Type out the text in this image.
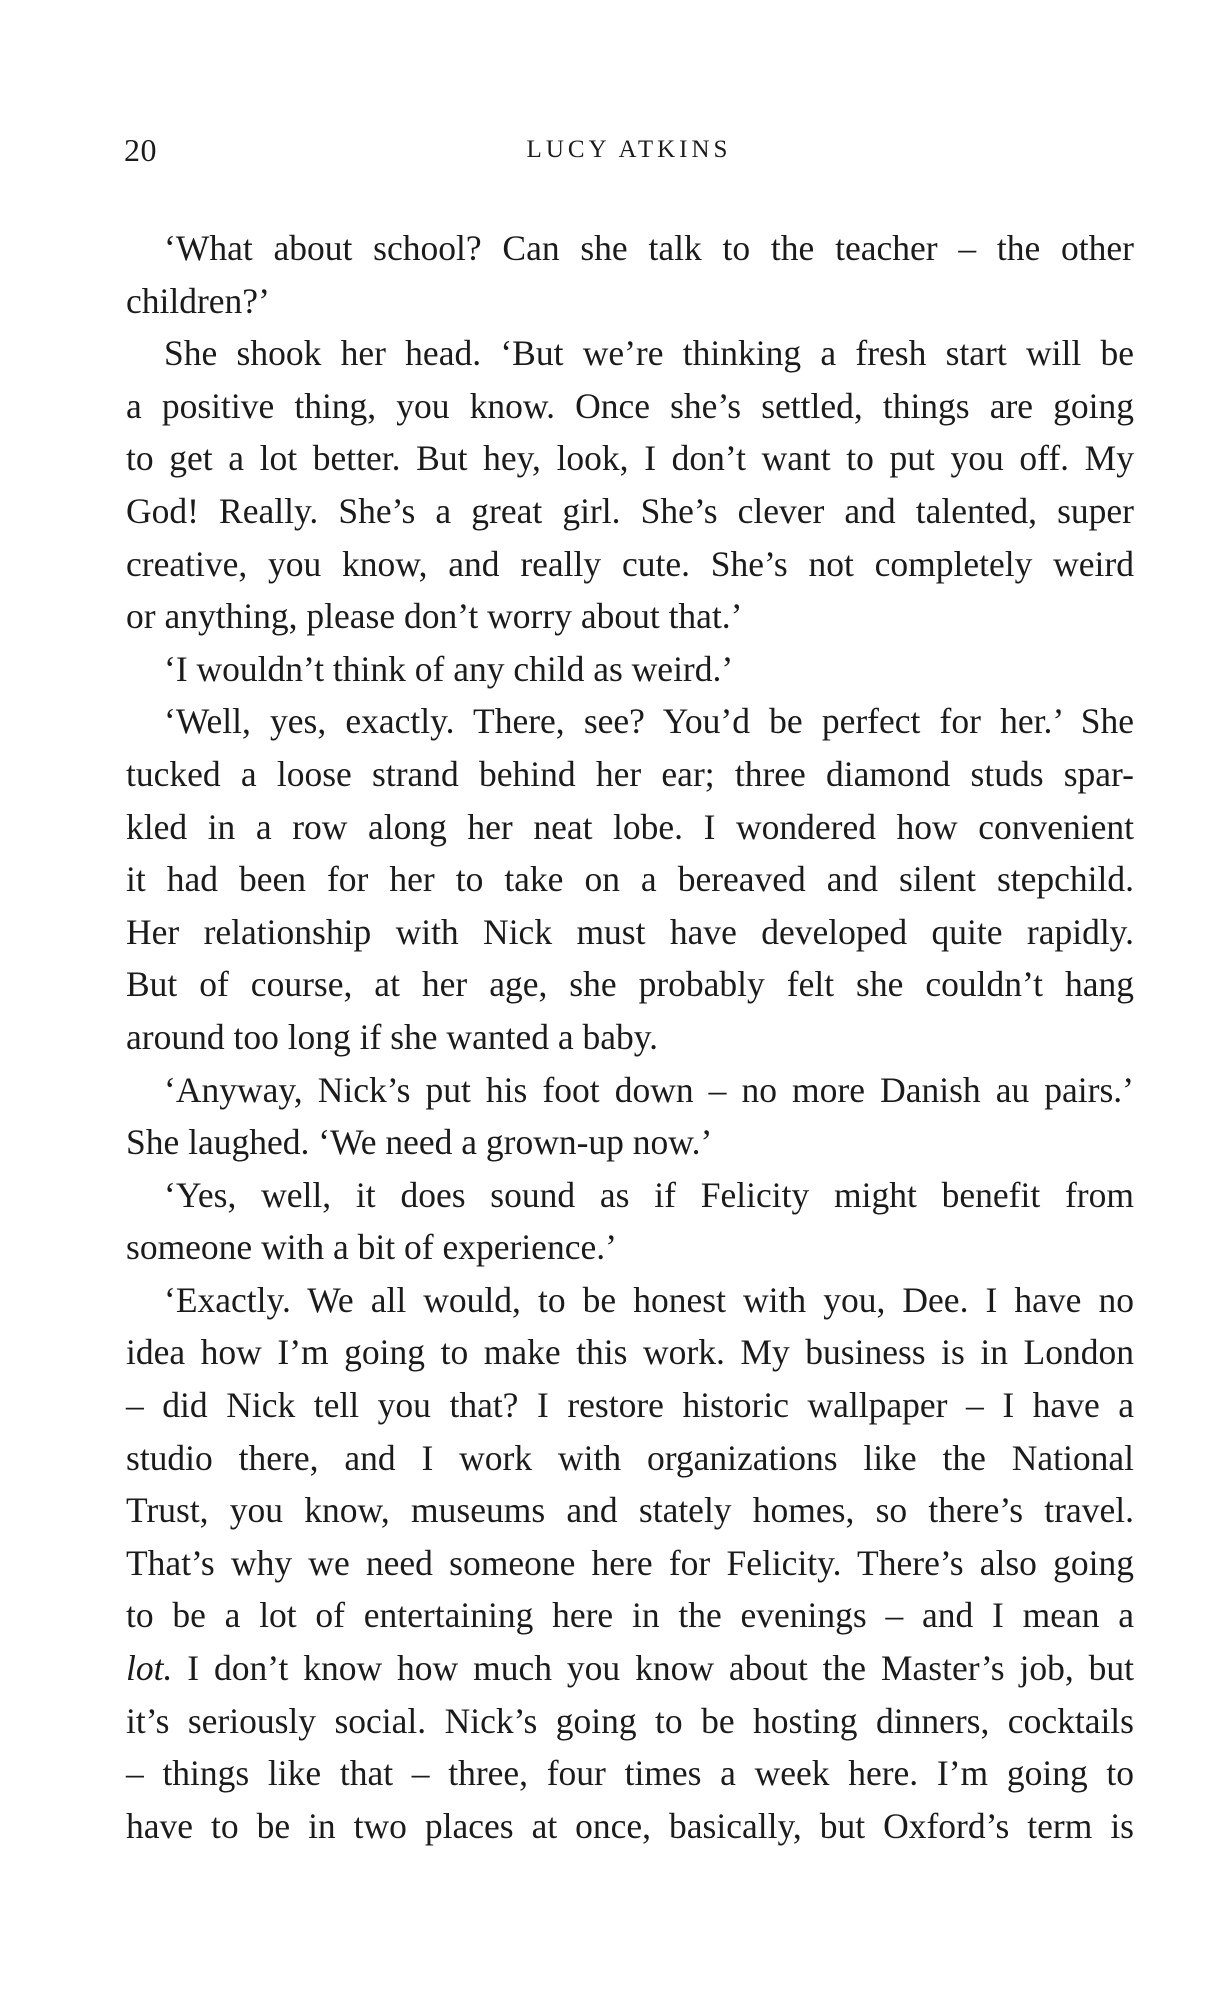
20	LUCY ATKINS
‘What about school? Can she talk to the teacher – the other
children?’
She shook her head. ‘But we’re thinking a fresh start will be
a positive thing, you know. Once she’s settled, things are going
to get a lot better. But hey, look, I don’t want to put you off. My
God! Really. She’s a great girl. She’s clever and talented, super
creative, you know, and really cute. She’s not completely weird
or anything, please don’t worry about that.’
‘I wouldn’t think of any child as weird.’
‘Well, yes, exactly. There, see? You’d be perfect for her.’ She
tucked a loose strand behind her ear; three diamond studs spar-
kled in a row along her neat lobe. I wondered how convenient
it had been for her to take on a bereaved and silent stepchild.
Her relationship with Nick must have developed quite rapidly.
But of course, at her age, she probably felt she couldn’t hang
around too long if she wanted a baby.
‘Anyway, Nick’s put his foot down – no more Danish au pairs.’
She laughed. ‘We need a grown-up now.’
‘Yes, well, it does sound as if Felicity might benefit from
someone with a bit of experience.’
‘Exactly. We all would, to be honest with you, Dee. I have no
idea how I’m going to make this work. My business is in London
– did Nick tell you that? I restore historic wallpaper – I have a
studio there, and I work with organizations like the National
Trust, you know, museums and stately homes, so there’s travel.
That’s why we need someone here for Felicity. There’s also going
to be a lot of entertaining here in the evenings – and I mean a
lot. I don’t know how much you know about the Master’s job, but
it’s seriously social. Nick’s going to be hosting dinners, cocktails
– things like that – three, four times a week here. I’m going to
have to be in two places at once, basically, but Oxford’s term is
